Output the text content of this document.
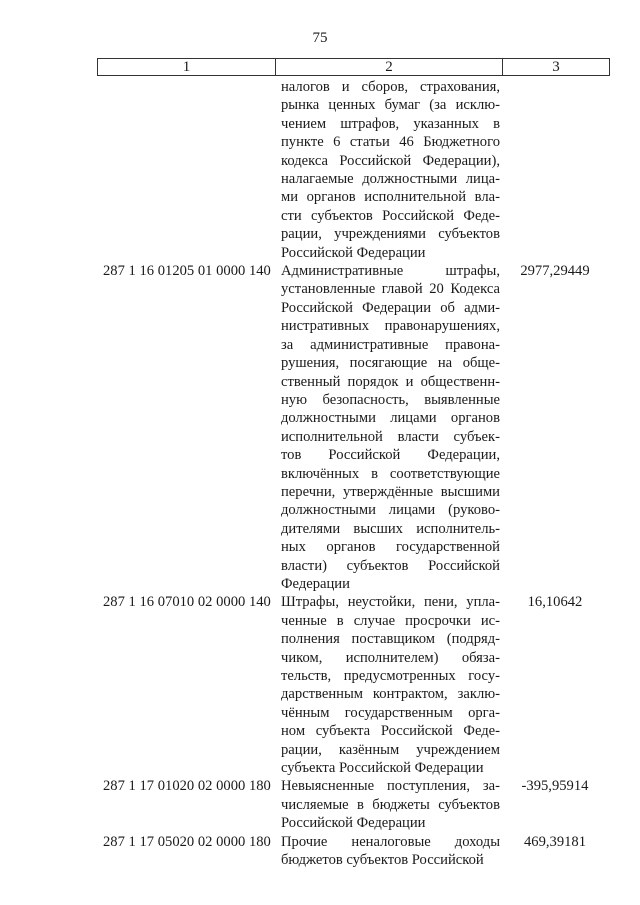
75
1	2	3
налогов и сборов, страхования,
рынка ценных бумаг (за исклю-
чением штрафов, указанных в
пункте 6 статьи 46 Бюджетного
кодекса Российской Федерации),
налагаемые должностными лица-
ми органов исполнительной вла-
сти субъектов Российской Феде-
рации, учреждениями субъектов
Российской Федерации
287 1 16 01205 01 0000 140 Административные штрафы,
установленные главой 20 Кодекса
Российской Федерации об адми-
нистративных правонарушениях,
за административные правона-
рушения, посягающие на обще-
ственный порядок и общественн-
ную безопасность, выявленные
должностными лицами органов
исполнительной власти субъек-
тов Российской Федерации,
включённых в соответствующие
перечни, утверждённые высшими
должностными лицами (руково-
дителями высших исполнитель-
ных органов государственной
власти) субъектов Российской
Федерации
2977,29449
287 1 16 07010 02 0000 140 Штрафы, неустойки, пени, упла-
ченные в случае просрочки ис-
полнения поставщиком (подряд-
чиком, исполнителем) обяза-
тельств, предусмотренных госу-
дарственным контрактом, заклю-
чённым государственным орга-
ном субъекта Российской Феде-
рации, казённым учреждением
субъекта Российской Федерации
16,10642
287 1 17 01020 02 0000 180 Невыясненные поступления, за-
числяемые в бюджеты субъектов
Российской Федерации
-395,95914
287 1 17 05020 02 0000 180 Прочие неналоговые доходы
бюджетов субъектов Российской
469,39181
